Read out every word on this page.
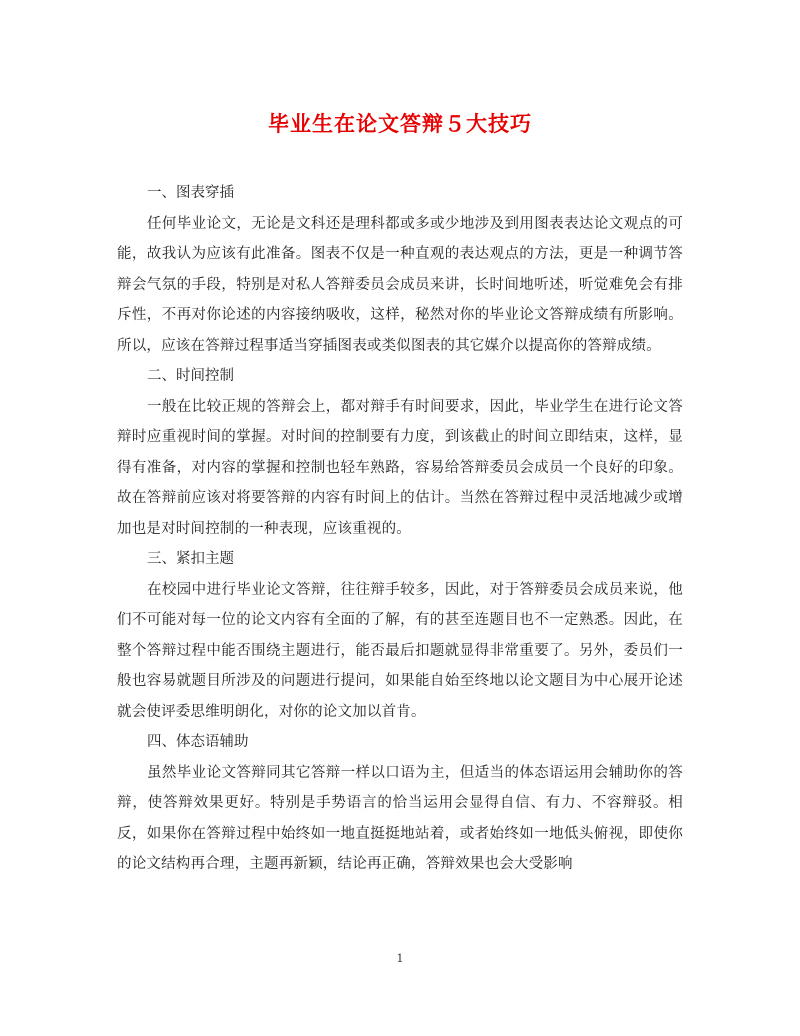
毕业生在论文答辩５大技巧

一、图表穿插

任何毕业论文，无论是文科还是理科都或多或少地涉及到用图表表达论文观点的可能，故我认为应该有此准备。图表不仅是一种直观的表达观点的方法，更是一种调节答辩会气氛的手段，特别是对私人答辩委员会成员来讲，长时间地听述，听觉难免会有排斥性，不再对你论述的内容接纳吸收，这样，秘然对你的毕业论文答辩成绩有所影响。所以，应该在答辩过程事适当穿插图表或类似图表的其它媒介以提高你的答辩成绩。

二、时间控制

一般在比较正规的答辩会上，都对辩手有时间要求，因此，毕业学生在进行论文答辩时应重视时间的掌握。对时间的控制要有力度，到该截止的时间立即结束，这样，显得有准备，对内容的掌握和控制也轻车熟路，容易给答辩委员会成员一个良好的印象。故在答辩前应该对将要答辩的内容有时间上的估计。当然在答辩过程中灵活地减少或增加也是对时间控制的一种表现，应该重视的。

三、紧扣主题

在校园中进行毕业论文答辩，往往辩手较多，因此，对于答辩委员会成员来说，他们不可能对每一位的论文内容有全面的了解，有的甚至连题目也不一定熟悉。因此，在整个答辩过程中能否围绕主题进行，能否最后扣题就显得非常重要了。另外，委员们一般也容易就题目所涉及的问题进行提问，如果能自始至终地以论文题目为中心展开论述就会使评委思维明朗化，对你的论文加以首肯。

四、体态语辅助

虽然毕业论文答辩同其它答辩一样以口语为主，但适当的体态语运用会辅助你的答辩，使答辩效果更好。特别是手势语言的恰当运用会显得自信、有力、不容辩驳。相反，如果你在答辩过程中始终如一地直挺挺地站着，或者始终如一地低头俯视，即使你的论文结构再合理，主题再新颖，结论再正确，答辩效果也会大受影响

1
